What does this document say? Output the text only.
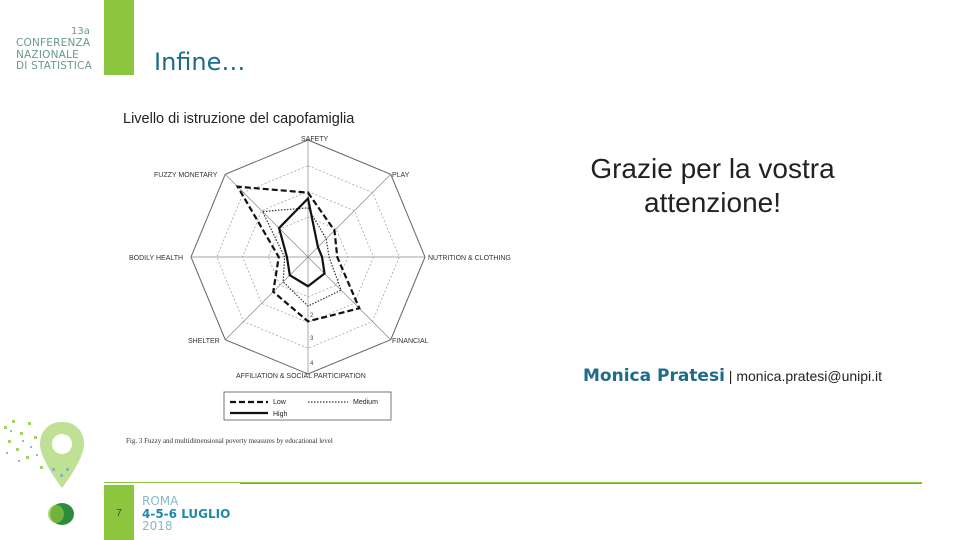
13a
CONFERENZA
NAZIONALE
DI STATISTICA	Infine…
Livello di istruzione del capofamiglia
SAFETY
PLAY
NUTRITION & CLOTHING
FINANCIAL
AFFILIATION & SOCIAL PARTICIPATION
SHELTER
BODILY HEALTH
FUZZY MONETARY
2
3
4
Low	Medium
High
Fig. 3 Fuzzy and multidimensional poverty measures by educational level
Grazie per la vostra
attenzione!
Monica Pratesi | monica.pratesi@unipi.it
7
ROMA
4-5-6 LUGLIO
2018
